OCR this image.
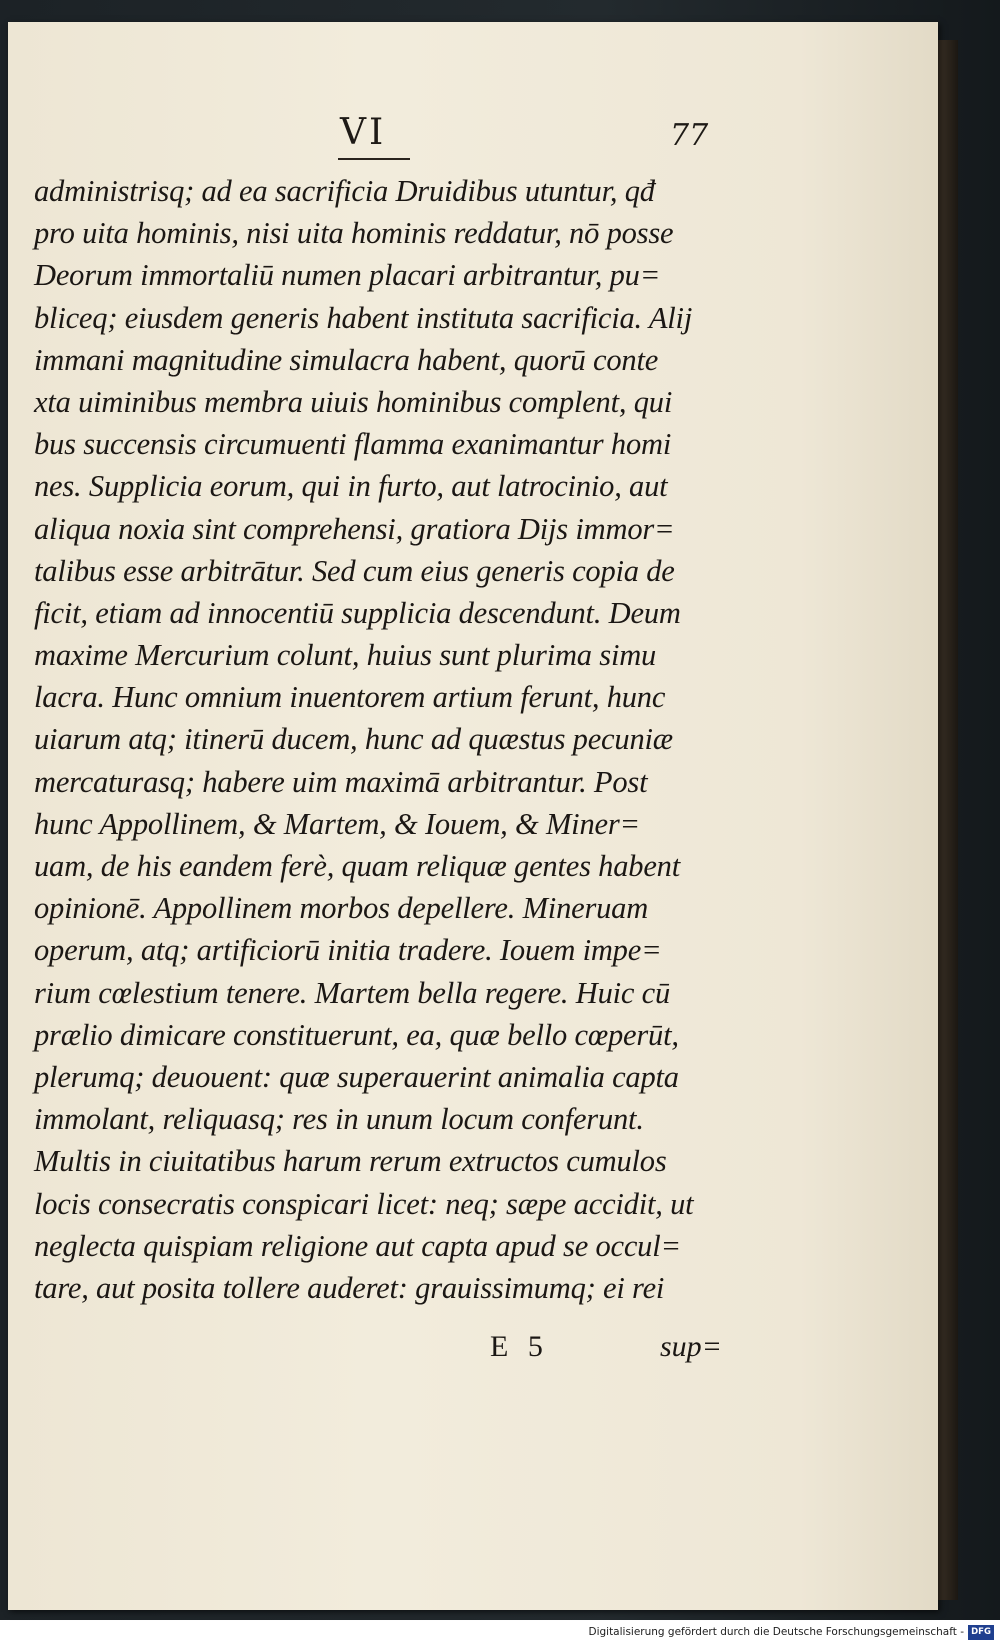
VI	77
administrisq; ad ea sacrificia Druidibus utuntur, qđ
pro uita hominis, nisi uita hominis reddatur, nō posse
Deorum immortaliū numen placari arbitrantur, pu=
bliceq; eiusdem generis habent instituta sacrificia. Alij
immani magnitudine simulacra habent, quorū conte
xta uiminibus membra uiuis hominibus complent, qui
bus succensis circumuenti flamma exanimantur homi
nes. Supplicia eorum, qui in furto, aut latrocinio, aut
aliqua noxia sint comprehensi, gratiora Dijs immor=
talibus esse arbitrātur. Sed cum eius generis copia de
ficit, etiam ad innocentiū supplicia descendunt. Deum
maxime Mercurium colunt, huius sunt plurima simu
lacra. Hunc omnium inuentorem artium ferunt, hunc
uiarum atq; itinerū ducem, hunc ad quæstus pecuniæ
mercaturasq; habere uim maximā arbitrantur. Post
hunc Appollinem, & Martem, & Iouem, & Miner=
uam, de his eandem ferè, quam reliquæ gentes habent
opinionē. Appollinem morbos depellere. Mineruam
operum, atq; artificiorū initia tradere. Iouem impe=
rium cœlestium tenere. Martem bella regere. Huic cū
prælio dimicare constituerunt, ea, quæ bello cœperūt,
plerumq; deuouent: quæ superauerint animalia capta
immolant, reliquasq; res in unum locum conferunt.
Multis in ciuitatibus harum rerum extructos cumulos
locis consecratis conspicari licet: neq; sæpe accidit, ut
neglecta quispiam religione aut capta apud se occul=
tare, aut posita tollere auderet: grauissimumq; ei rei
E 5	sup=
Digitalisierung gefördert durch die Deutsche Forschungsgemeinschaft - DFG
